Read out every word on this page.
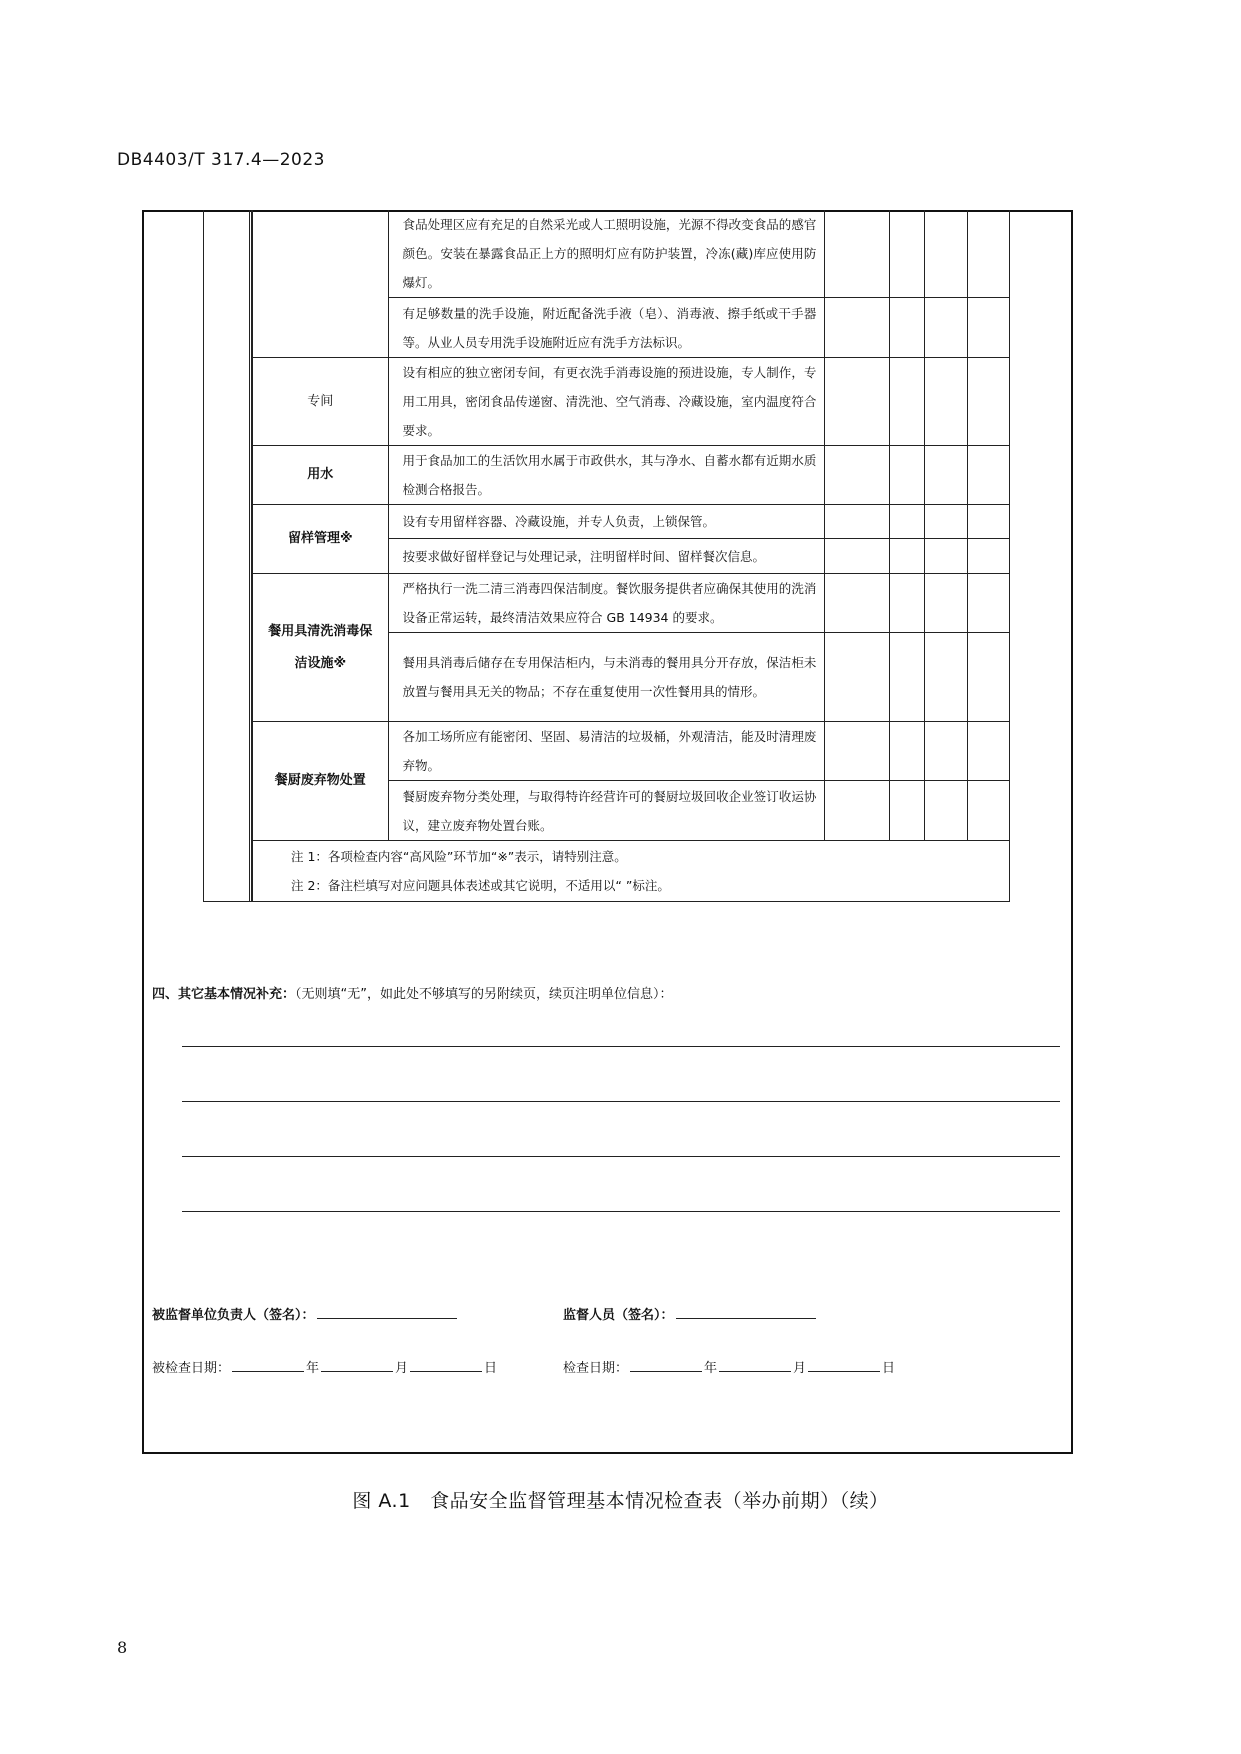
DB4403/T 317.4—2023
				食品处理区应有充足的自然采光或人工照明设施，光源不得改变食品的感官颜色。安装在暴露食品正上方的照明灯应有防护装置，冷冻(藏)库应使用防爆灯。				
			有足够数量的洗手设施，附近配备洗手液（皂）、消毒液、擦手纸或干手器等。从业人员专用洗手设施附近应有洗手方法标识。				
		专间	设有相应的独立密闭专间，有更衣洗手消毒设施的预进设施，专人制作，专用工用具，密闭食品传递窗、清洗池、空气消毒、冷藏设施，室内温度符合要求。				
		用水	用于食品加工的生活饮用水属于市政供水，其与净水、自蓄水都有近期水质检测合格报告。				
		留样管理※	设有专用留样容器、冷藏设施，并专人负责，上锁保管。				
			按要求做好留样登记与处理记录，注明留样时间、留样餐次信息。				
		餐用具清洗消毒保洁设施※	严格执行一洗二清三消毒四保洁制度。餐饮服务提供者应确保其使用的洗消设备正常运转，最终清洁效果应符合 GB 14934 的要求。				
			餐用具消毒后储存在专用保洁柜内，与未消毒的餐用具分开存放，保洁柜未放置与餐用具无关的物品；不存在重复使用一次性餐用具的情形。				
		餐厨废弃物处置	各加工场所应有能密闭、坚固、易清洁的垃圾桶，外观清洁，能及时清理废弃物。				
			餐厨废弃物分类处理，与取得特许经营许可的餐厨垃圾回收企业签订收运协议，建立废弃物处置台账。				

		注 1：各项检查内容“高风险”环节加“※”表示，请特别注意。
注 2：备注栏填写对应问题具体表述或其它说明，不适用以“ ”标注。					
四、其它基本情况补充：（无则填“无”，如此处不够填写的另附续页，续页注明单位信息）：
被监督单位负责人（签名）：	监督人员（签名）：
被检查日期：	年	月	日	检查日期：	年	月	日
图 A.1　食品安全监督管理基本情况检查表（举办前期）（续）
8
